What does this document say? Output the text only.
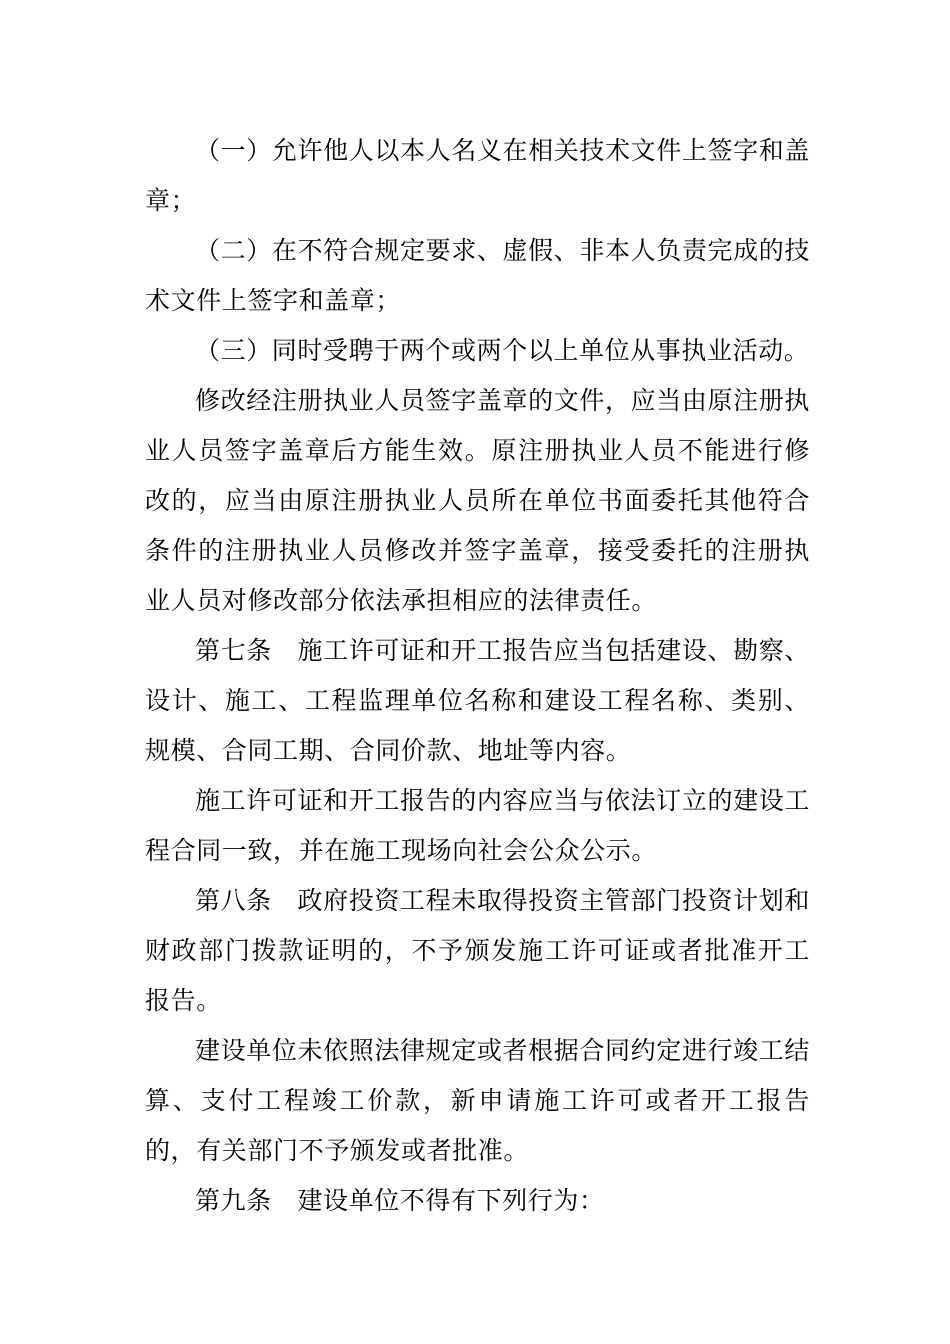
（一）允许他人以本人名义在相关技术文件上签字和盖章；

（二）在不符合规定要求、虚假、非本人负责完成的技术文件上签字和盖章；

（三）同时受聘于两个或两个以上单位从事执业活动。

修改经注册执业人员签字盖章的文件，应当由原注册执业人员签字盖章后方能生效。原注册执业人员不能进行修改的，应当由原注册执业人员所在单位书面委托其他符合条件的注册执业人员修改并签字盖章，接受委托的注册执业人员对修改部分依法承担相应的法律责任。

第七条　施工许可证和开工报告应当包括建设、勘察、设计、施工、工程监理单位名称和建设工程名称、类别、规模、合同工期、合同价款、地址等内容。

施工许可证和开工报告的内容应当与依法订立的建设工程合同一致，并在施工现场向社会公众公示。

第八条　政府投资工程未取得投资主管部门投资计划和财政部门拨款证明的，不予颁发施工许可证或者批准开工报告。

建设单位未依照法律规定或者根据合同约定进行竣工结算、支付工程竣工价款，新申请施工许可或者开工报告的，有关部门不予颁发或者批准。

第九条　建设单位不得有下列行为：
